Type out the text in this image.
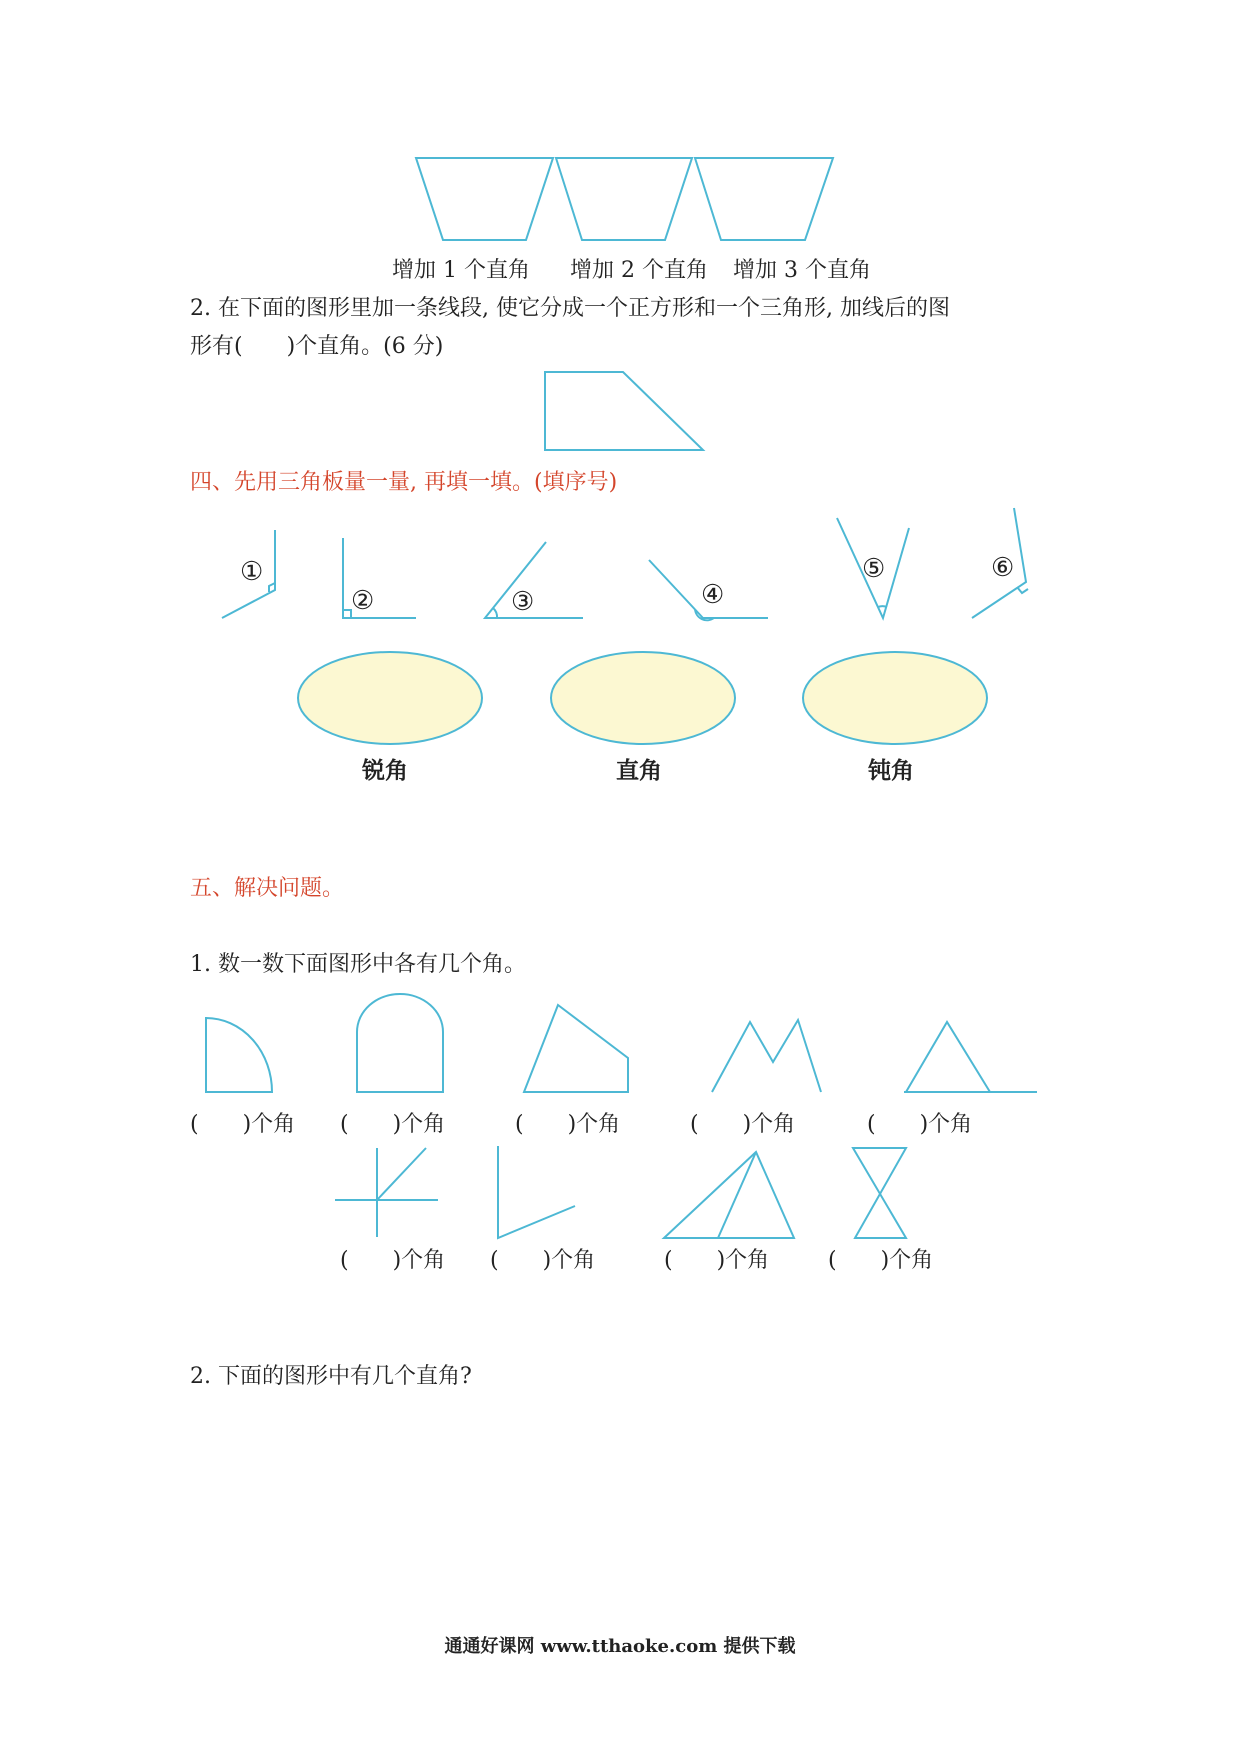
增加 1 个直角 增加 2 个直角 增加 3 个直角
2. 在下面的图形里加一条线段, 使它分成一个正方形和一个三角形, 加线后的图
形有(　　)个直角。(6 分)
四、先用三角板量一量, 再填一填。(填序号)
①
②	③	④
⑤	⑥
锐角	直角	钝角
五、解决问题。
1. 数一数下面图形中各有几个角。
(　　)个角 (　　)个角	(　　)个角	(　　)个角	(　　)个角
(　　)个角 (　　)个角	(　　)个角	(　　)个角
2. 下面的图形中有几个直角?
通通好课网 www.tthaoke.com 提供下载
